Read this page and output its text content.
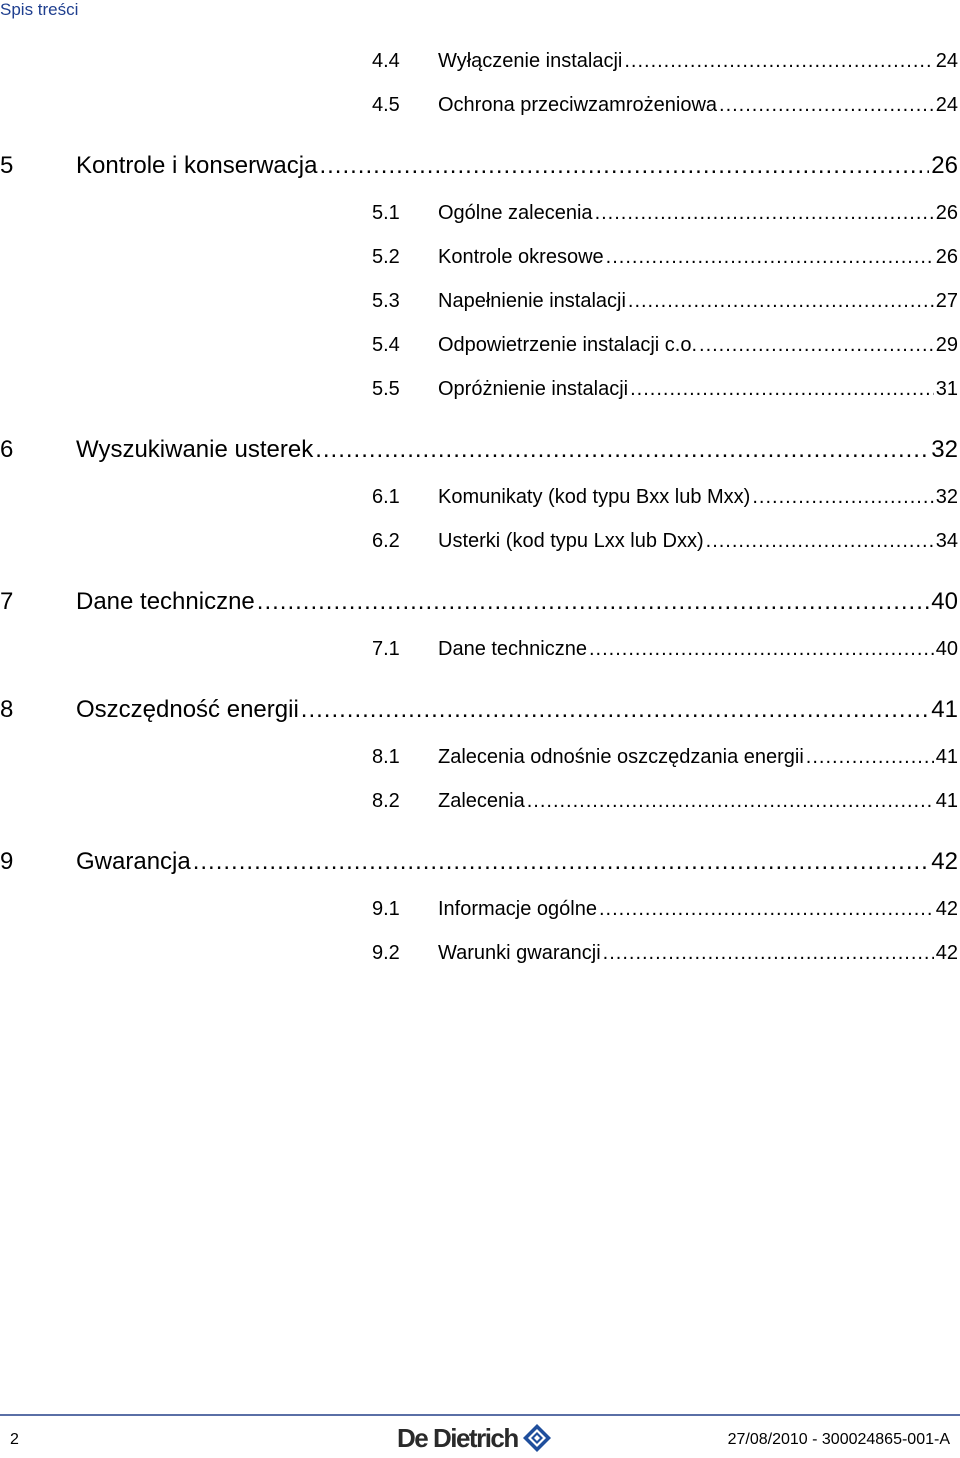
Spis treści
4.4	Wyłączenie instalacji .....	24
4.5	Ochrona przeciwzamrożeniowa .....	24
5	Kontrole i konserwacja .....	26
5.1	Ogólne zalecenia .....	26
5.2	Kontrole okresowe .....	26
5.3	Napełnienie instalacji .....	27
5.4	Odpowietrzenie instalacji c.o. .....	29
5.5	Opróżnienie instalacji .....	31
6	Wyszukiwanie usterek .....	32
6.1	Komunikaty (kod typu Bxx lub Mxx) .....	32
6.2	Usterki (kod typu Lxx lub Dxx) .....	34
7	Dane techniczne .....	40
7.1	Dane techniczne .....	40
8	Oszczędność energii .....	41
8.1	Zalecenia odnośnie oszczędzania energii .....	41
8.2	Zalecenia .....	41
9	Gwarancja .....	42
9.1	Informacje ogólne .....	42
9.2	Warunki gwarancji .....	42
2	De Dietrich	27/08/2010 - 300024865-001-A
